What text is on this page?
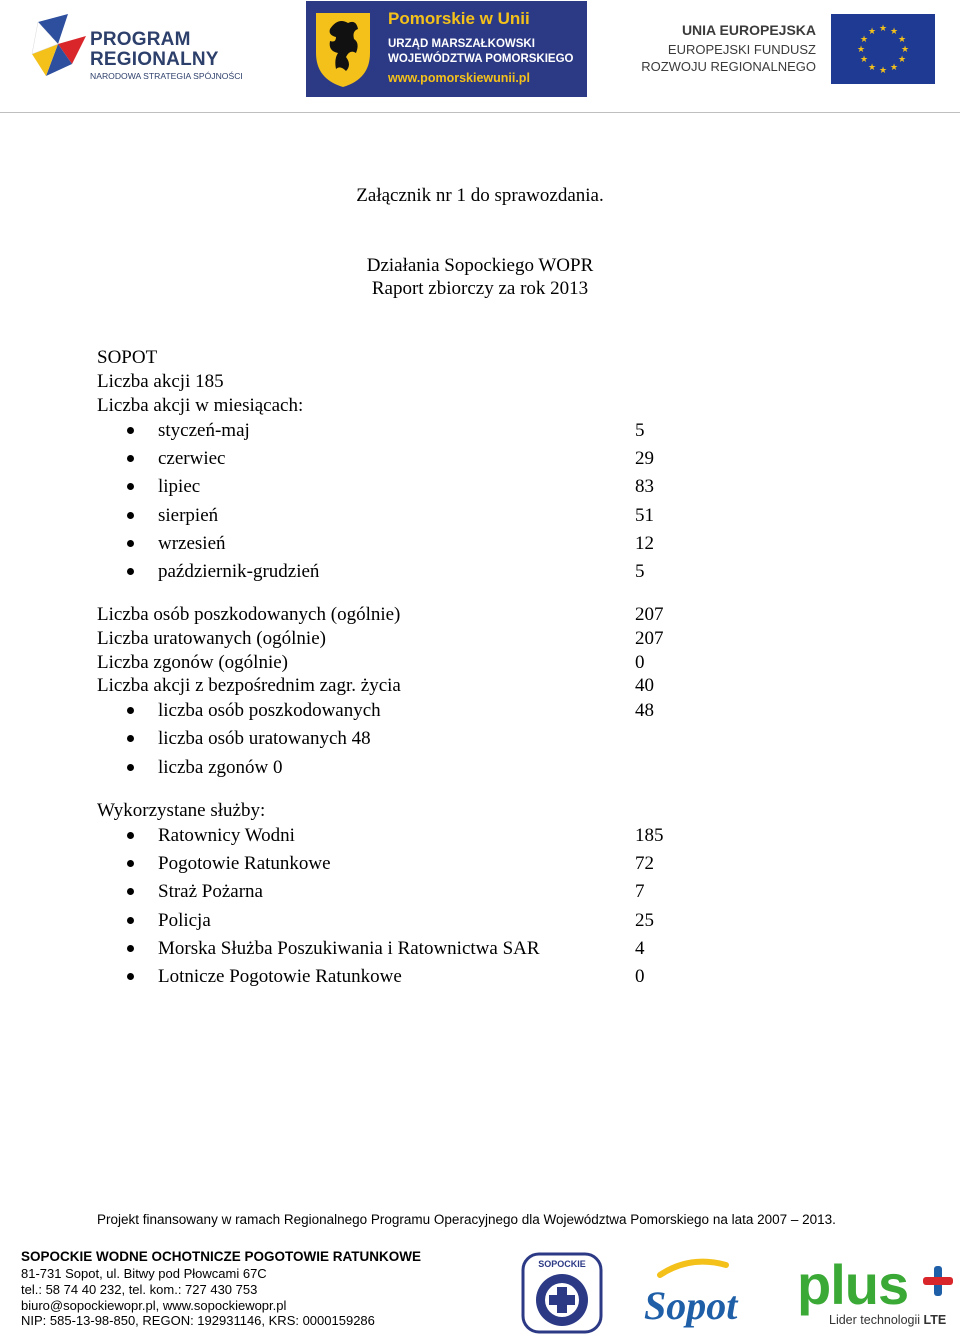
PROGRAM
REGIONALNY
NARODOWA STRATEGIA SPÓJNOŚCI
Pomorskie w Unii
URZĄD MARSZAŁKOWSKI
WOJEWÓDZTWA POMORSKIEGO
www.pomorskiewunii.pl
UNIA EUROPEJSKA
EUROPEJSKI FUNDUSZ
ROZWOJU REGIONALNEGO
★ ★
★
★
★
★
★
★
★
★
★
★
Załącznik nr 1 do sprawozdania.
Działania Sopockiego WOPR
Raport zbiorczy za rok 2013
SOPOT
Liczba akcji 185
Liczba akcji w miesiącach:
styczeń-maj	5
czerwiec	29
lipiec	83
sierpień	51
wrzesień	12
październik-grudzień	5
Liczba osób poszkodowanych (ogólnie)	207
Liczba uratowanych (ogólnie)	207
Liczba zgonów (ogólnie)	0
Liczba akcji z bezpośrednim zagr. życia	40
liczba osób poszkodowanych	48
liczba osób uratowanych 48
liczba zgonów 0
Wykorzystane służby:
Ratownicy Wodni	185
Pogotowie Ratunkowe	72
Straż Pożarna	7
Policja	25
Morska Służba Poszukiwania i Ratownictwa SAR	4
Lotnicze Pogotowie Ratunkowe	0
Projekt finansowany w ramach Regionalnego Programu Operacyjnego dla Województwa Pomorskiego na lata 2007 – 2013.
SOPOCKIE WODNE OCHOTNICZE POGOTOWIE RATUNKOWE
81-731 Sopot, ul. Bitwy pod Płowcami 67C
tel.: 58 74 40 232, tel. kom.: 727 430 753
biuro@sopockiewopr.pl, www.sopockiewopr.pl
NIP: 585-13-98-850, REGON: 192931146, KRS: 0000159286
SOPOCKIE
Sopot plus
Lider technologii LTE
